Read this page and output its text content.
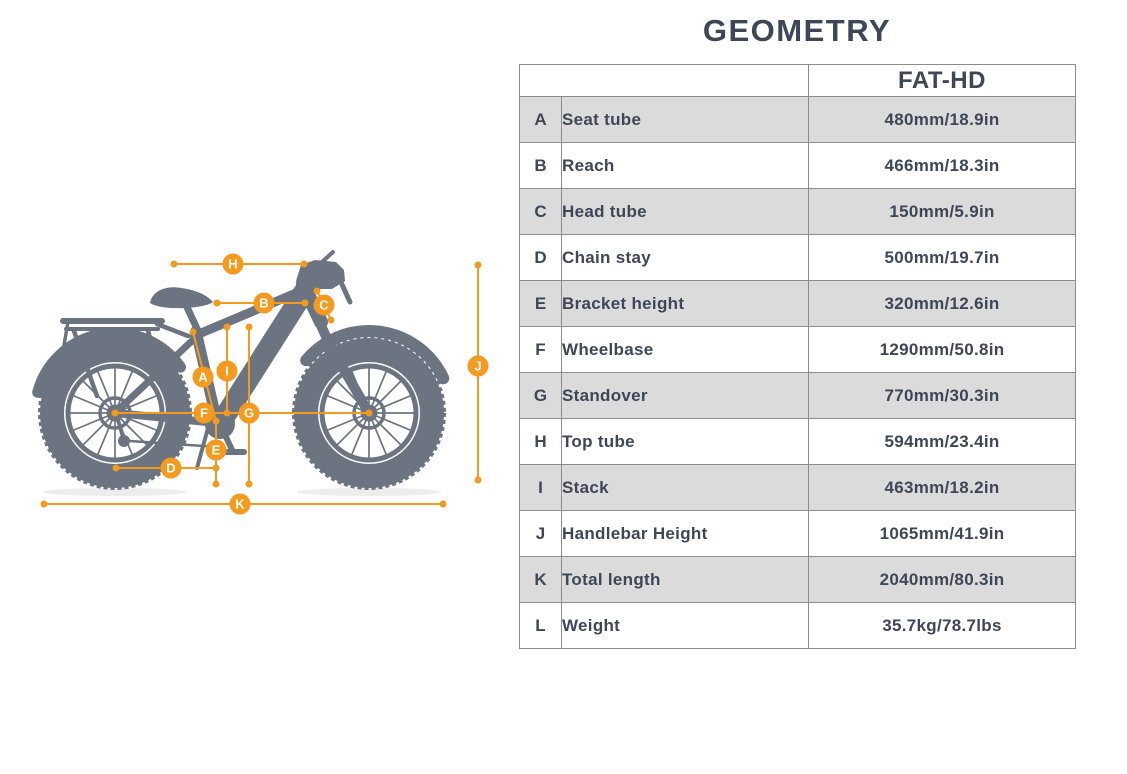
GEOMETRY
A
B	C
D
E
F	G
H
I	J
K
		FAT-HD
A	Seat tube	480mm/18.9in
B	Reach	466mm/18.3in
C	Head tube	150mm/5.9in
D	Chain stay	500mm/19.7in
E	Bracket height	320mm/12.6in
F	Wheelbase	1290mm/50.8in
G	Standover	770mm/30.3in
H	Top tube	594mm/23.4in
I	Stack	463mm/18.2in
J	Handlebar Height	1065mm/41.9in
K	Total length	2040mm/80.3in
L	Weight	35.7kg/78.7lbs
